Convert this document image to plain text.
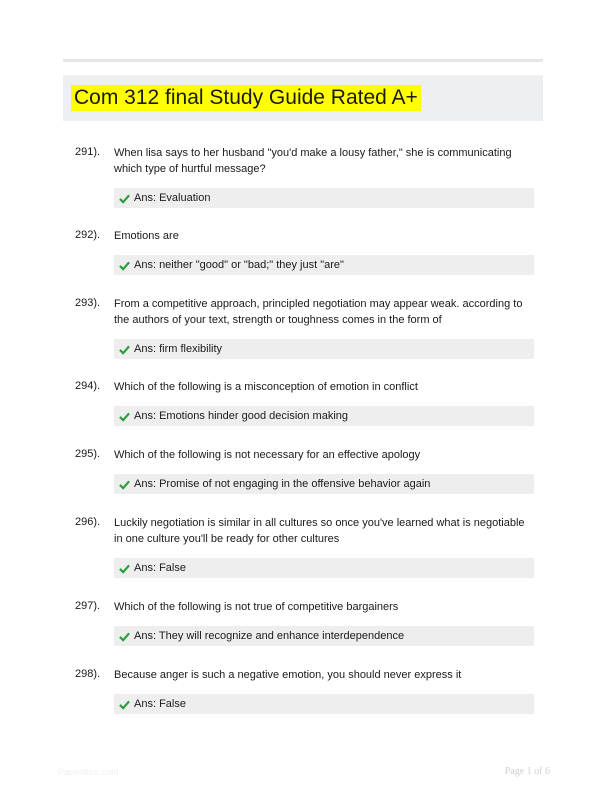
Com 312 final Study Guide Rated A+
291). When lisa says to her husband "you'd make a lousy father," she is communicating which type of hurtful message?
Ans: Evaluation
292). Emotions are
Ans: neither "good" or "bad;" they just "are"
293). From a competitive approach, principled negotiation may appear weak. according to the authors of your text, strength or toughness comes in the form of
Ans: firm flexibility
294). Which of the following is a misconception of emotion in conflict
Ans: Emotions hinder good decision making
295). Which of the following is not necessary for an effective apology
Ans: Promise of not engaging in the offensive behavior again
296). Luckily negotiation is similar in all cultures so once you've learned what is negotiable in one culture you'll be ready for other cultures
Ans: False
297). Which of the following is not true of competitive bargainers
Ans: They will recognize and enhance interdependence
298). Because anger is such a negative emotion, you should never express it
Ans: False
Paperlibre.com	Page 1 of 6
